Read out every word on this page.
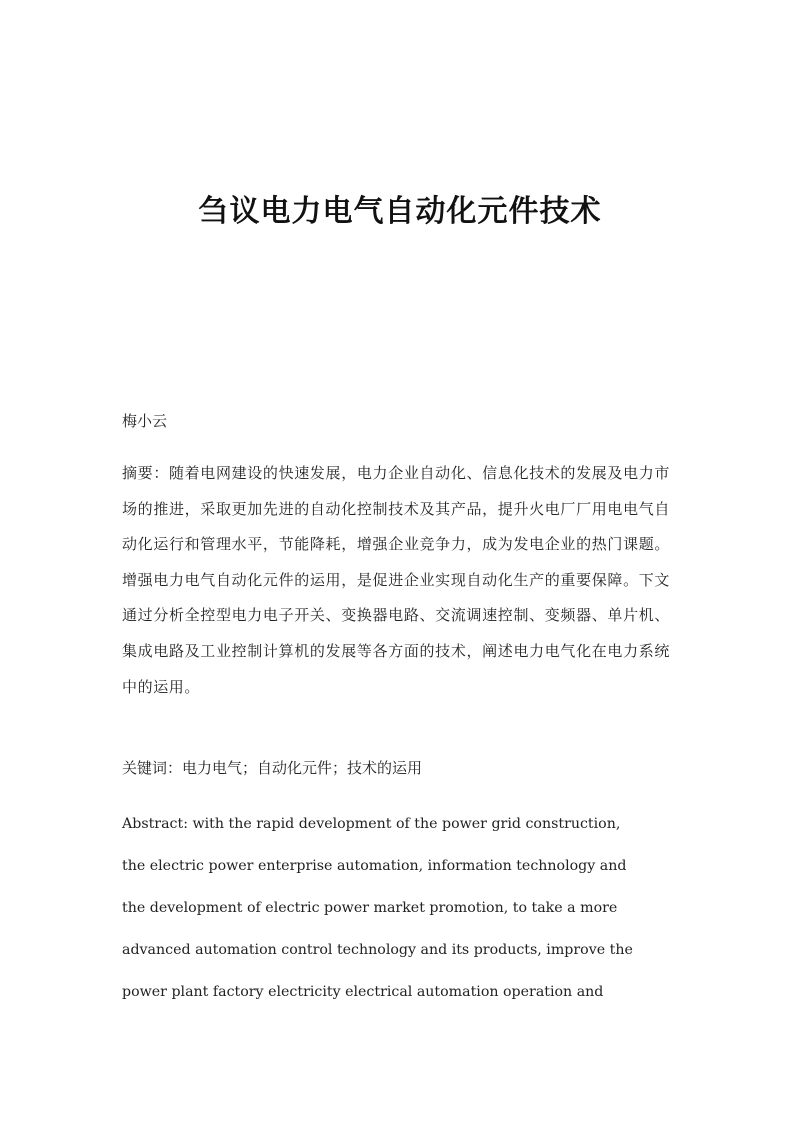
刍议电力电气自动化元件技术

梅小云

摘要：随着电网建设的快速发展，电力企业自动化、信息化技术的发展及电力市场的推进，采取更加先进的自动化控制技术及其产品，提升火电厂厂用电电气自动化运行和管理水平，节能降耗，增强企业竞争力，成为发电企业的热门课题。增强电力电气自动化元件的运用，是促进企业实现自动化生产的重要保障。下文通过分析全控型电力电子开关、变换器电路、交流调速控制、变频器、单片机、集成电路及工业控制计算机的发展等各方面的技术，阐述电力电气化在电力系统中的运用。

关键词：电力电气；自动化元件；技术的运用

Abstract: with the rapid development of the power grid construction,
the electric power enterprise automation, information technology and
the development of electric power market promotion, to take a more
advanced automation control technology and its products, improve the
power plant factory electricity electrical automation operation and
